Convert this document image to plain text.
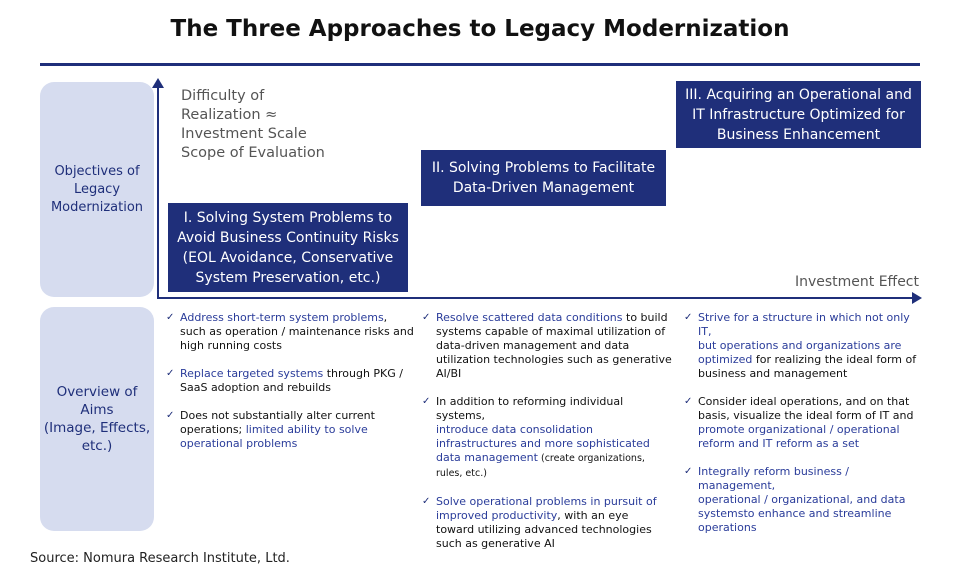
The Three Approaches to Legacy Modernization
Objectives of
Legacy
Modernization
Overview of Aims
(Image, Effects,
etc.)
Difficulty of
Realization ≈
Investment Scale
Scope of Evaluation
Investment Effect
I. Solving System Problems to
Avoid Business Continuity Risks
(EOL Avoidance, Conservative
System Preservation, etc.)
II. Solving Problems to Facilitate
Data-Driven Management
III. Acquiring an Operational and
IT Infrastructure Optimized for
Business Enhancement
✓ Address short-term system problems,
such as operation / maintenance risks and
high running costs
✓ Replace targeted systems through PKG /
SaaS adoption and rebuilds
✓ Does not substantially alter current
operations; limited ability to solve
operational problems
✓ Resolve scattered data conditions to build
systems capable of maximal utilization of
data-driven management and data
utilization technologies such as generative
AI/BI
✓ In addition to reforming individual systems,
introduce data consolidation
infrastructures and more sophisticated
data management (create organizations,
rules, etc.)
✓ Solve operational problems in pursuit of
improved productivity, with an eye
toward utilizing advanced technologies
such as generative AI
✓ Strive for a structure in which not only IT,
but operations and organizations are
optimized for realizing the ideal form of
business and management
✓ Consider ideal operations, and on that
basis, visualize the ideal form of IT and
promote organizational / operational
reform and IT reform as a set
✓ Integrally reform business / management,
operational / organizational, and data
systemsto enhance and streamline
operations
Source: Nomura Research Institute, Ltd.
